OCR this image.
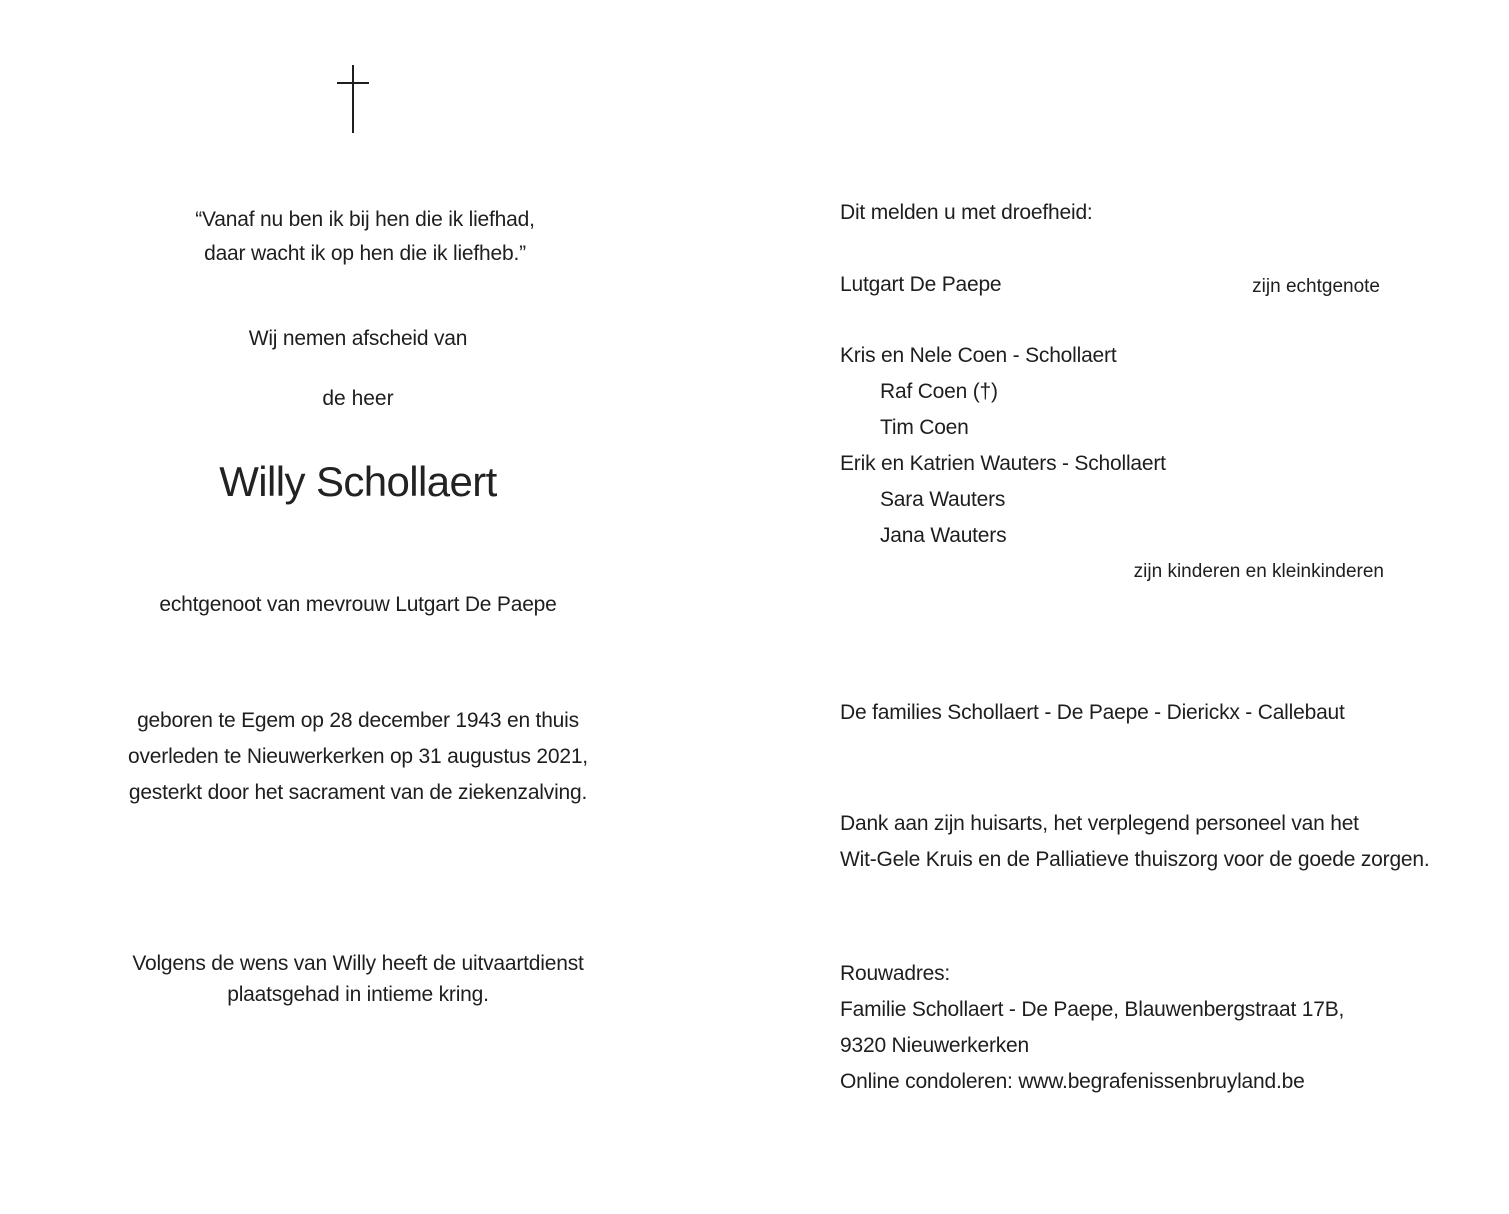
“Vanaf nu ben ik bij hen die ik liefhad,
daar wacht ik op hen die ik liefheb.”
Wij nemen afscheid van
de heer
Willy Schollaert
echtgenoot van mevrouw Lutgart De Paepe
geboren te Egem op 28 december 1943 en thuis
overleden te Nieuwerkerken op 31 augustus 2021,
gesterkt door het sacrament van de ziekenzalving.
Volgens de wens van Willy heeft de uitvaartdienst
plaatsgehad in intieme kring.
Dit melden u met droefheid:
Lutgart De Paepe	zijn echtgenote
Kris en Nele Coen - Schollaert
Raf Coen (†)
Tim Coen
Erik en Katrien Wauters - Schollaert
Sara Wauters
Jana Wauters
zijn kinderen en kleinkinderen
De families Schollaert - De Paepe - Dierickx - Callebaut
Dank aan zijn huisarts, het verplegend personeel van het
Wit-Gele Kruis en de Palliatieve thuiszorg voor de goede zorgen.
Rouwadres:
Familie Schollaert - De Paepe, Blauwenbergstraat 17B,
9320 Nieuwerkerken
Online condoleren: www.begrafenissenbruyland.be
